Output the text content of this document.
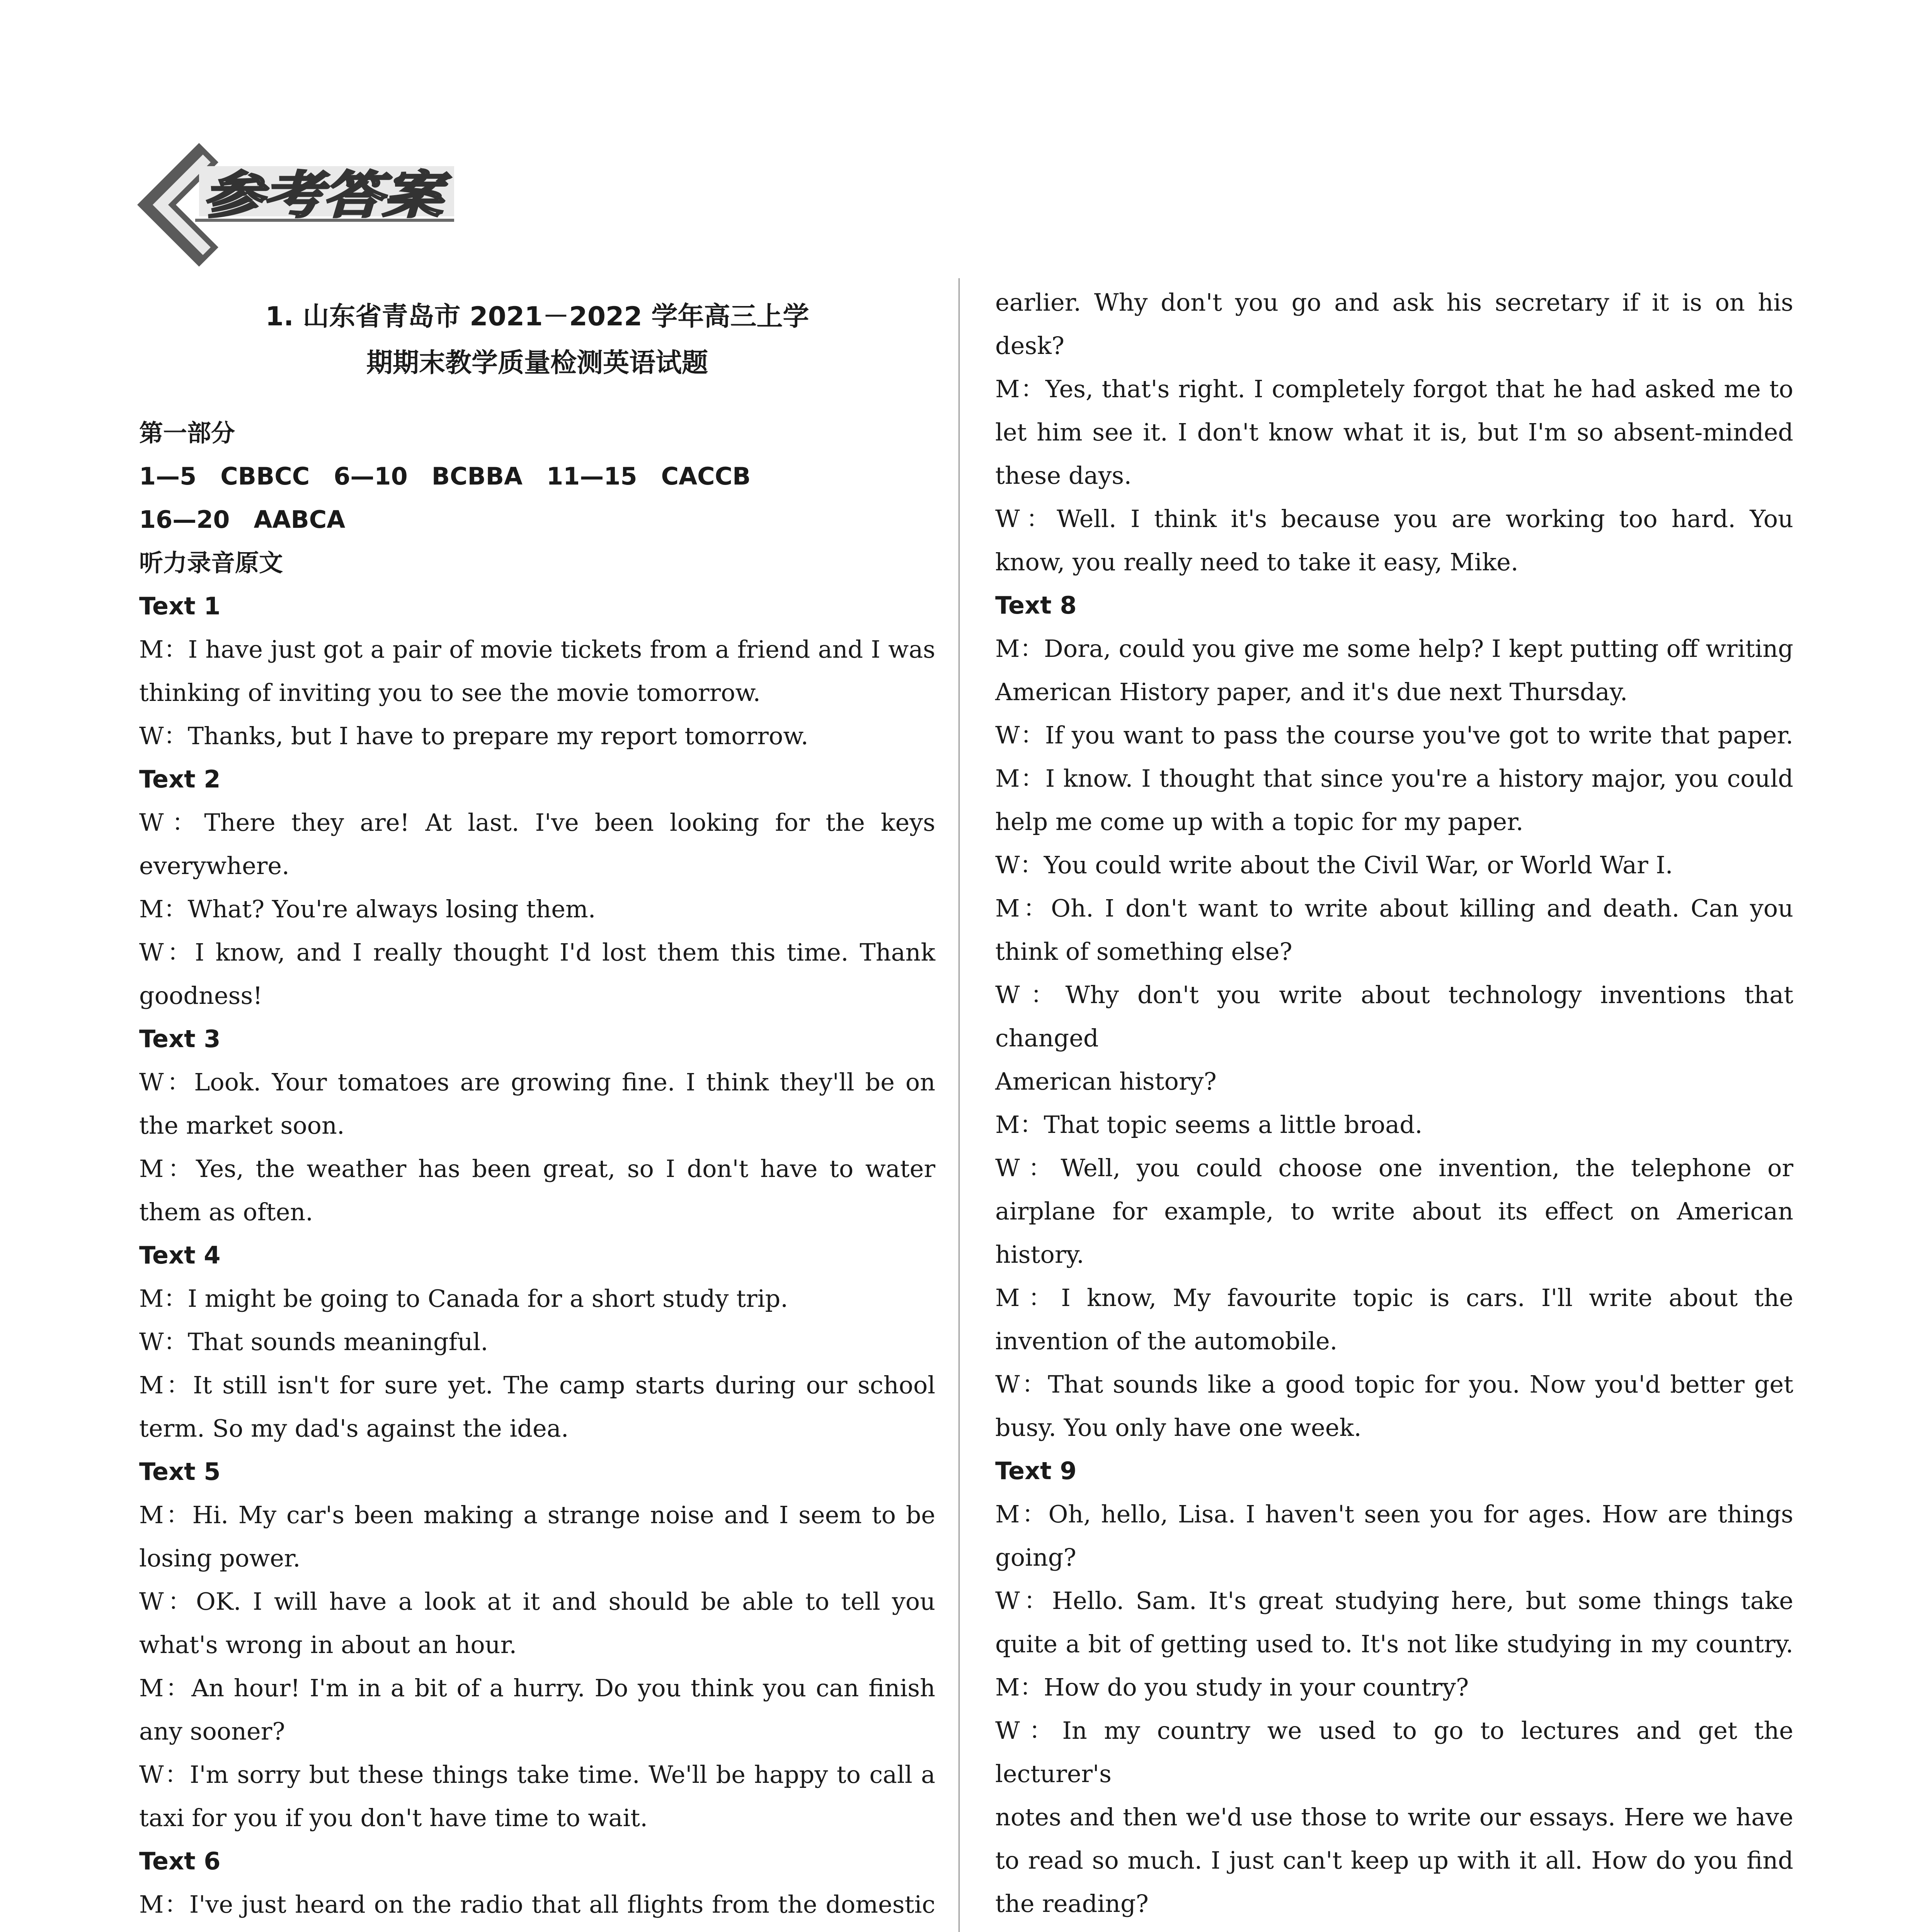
参考答案
1. 山东省青岛市 2021－2022 学年高三上学
期期末教学质量检测英语试题
第一部分
1—5　CBBCC　6—10　BCBBA　11—15　CACCB
16—20　AABCA
听力录音原文
Text 1
M：I have just got a pair of movie tickets from a friend and I was
thinking of inviting you to see the movie tomorrow.
W：Thanks, but I have to prepare my report tomorrow.
Text 2
W：There they are! At last. I've been looking for the keys
everywhere.
M：What? You're always losing them.
W：I know, and I really thought I'd lost them this time. Thank
goodness!
Text 3
W：Look. Your tomatoes are growing fine. I think they'll be on
the market soon.
M：Yes, the weather has been great, so I don't have to water
them as often.
Text 4
M：I might be going to Canada for a short study trip.
W：That sounds meaningful.
M：It still isn't for sure yet. The camp starts during our school
term. So my dad's against the idea.
Text 5
M：Hi. My car's been making a strange noise and I seem to be
losing power.
W：OK. I will have a look at it and should be able to tell you
what's wrong in about an hour.
M：An hour! I'm in a bit of a hurry. Do you think you can finish
any sooner?
W：I'm sorry but these things take time. We'll be happy to call a
taxi for you if you don't have time to wait.
Text 6
M：I've just heard on the radio that all flights from the domestic
earlier. Why don't you go and ask his secretary if it is on his desk?
M：Yes, that's right. I completely forgot that he had asked me to
let him see it. I don't know what it is, but I'm so absent-minded
these days.
W：Well. I think it's because you are working too hard. You
know, you really need to take it easy, Mike.
Text 8
M：Dora, could you give me some help? I kept putting off writing
American History paper, and it's due next Thursday.
W：If you want to pass the course you've got to write that paper.
M：I know. I thought that since you're a history major, you could
help me come up with a topic for my paper.
W：You could write about the Civil War, or World War Ⅰ.
M：Oh. I don't want to write about killing and death. Can you
think of something else?
W：Why don't you write about technology inventions that changed
American history?
M：That topic seems a little broad.
W：Well, you could choose one invention, the telephone or
airplane for example, to write about its effect on American
history.
M：I know, My favourite topic is cars. I'll write about the
invention of the automobile.
W：That sounds like a good topic for you. Now you'd better get
busy. You only have one week.
Text 9
M：Oh, hello, Lisa. I haven't seen you for ages. How are things
going?
W：Hello. Sam. It's great studying here, but some things take
quite a bit of getting used to. It's not like studying in my country.
M：How do you study in your country?
W：In my country we used to go to lectures and get the lecturer's
notes and then we'd use those to write our essays. Here we have
to read so much. I just can't keep up with it all. How do you find
the reading?
